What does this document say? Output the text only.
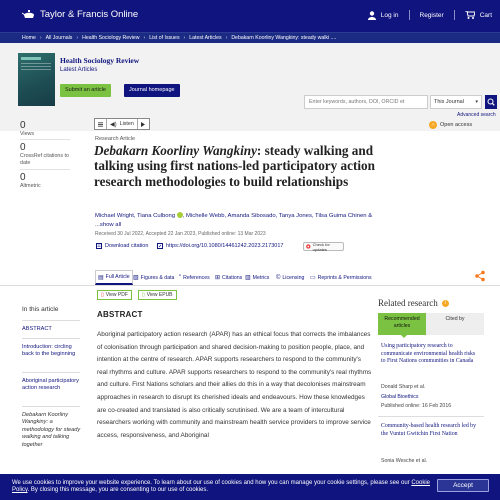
Taylor & Francis Online	Log in	Register	Cart
Home › All Journals › Health Sociology Review › List of Issues › Latest Articles › Debakarn Koorliny Wangkiny: steady walki ....
Health Sociology Review
Latest Articles
Submit an article	Journal homepage
Enter keywords, authors, DOI, ORCID et	This Journal ▾
Advanced search
0
Views
0
CrossRef citations to date
0
Altmetric
◀) Listen	∩ Open access
Research Article
Debakarn Koorliny Wangkiny: steady walking and talking using first nations-led participatory action research methodologies to build relationships
Michael Wright, Tiana Culbong , Michelle Webb, Amanda Sibosado, Tanya Jones, Tilsa Guima Chinen &
...show all
Received 30 Jul 2022, Accepted 22 Jan 2023, Published online: 13 Mar 2023
Download citation	https://doi.org/10.1080/14461242.2023.2173017	Check for updates
▤ Full Article ▧ Figures & data " References ⊞ Citations ▥ Metrics © Licensing ▭ Reprints & Permissions
▯ View PDF	▯ View EPUB
In this article
ABSTRACT
Introduction: circling back to the beginning
Aboriginal participatory action research
Debakarn Koorliny Wangkiny: a methodology for steady walking and talking together
ABSTRACT

Aboriginal participatory action research (APAR) has an ethical focus that corrects the imbalances of colonisation through participation and shared decision-making to position people, place, and intention at the centre of research. APAR supports researchers to respond to the community's real rhythms and culture. APAR supports researchers to respond to the community's real rhythms and culture. First Nations scholars and their allies do this in a way that decolonises mainstream approaches in research to disrupt its cherished ideals and endeavours. How these knowledges are co-created and translated is also critically scrutinised. We are a team of intercultural researchers working with community and mainstream health service providers to improve service access, responsiveness, and Aboriginal

Related research	i
Recommended articles
Cited by
Using participatory research to communicate environmental health risks to First Nations communities in Canada
Donald Sharp et al.
Global Bioethics
Published online: 16 Feb 2016
Community-based health research led by the Vuntut Gwitchin First Nation
Sonia Wesche et al.
We use cookies to improve your website experience. To learn about our use of cookies and how you can manage your cookie settings, please see our Cookie Policy. By closing this message, you are consenting to our use of cookies.
Accept
